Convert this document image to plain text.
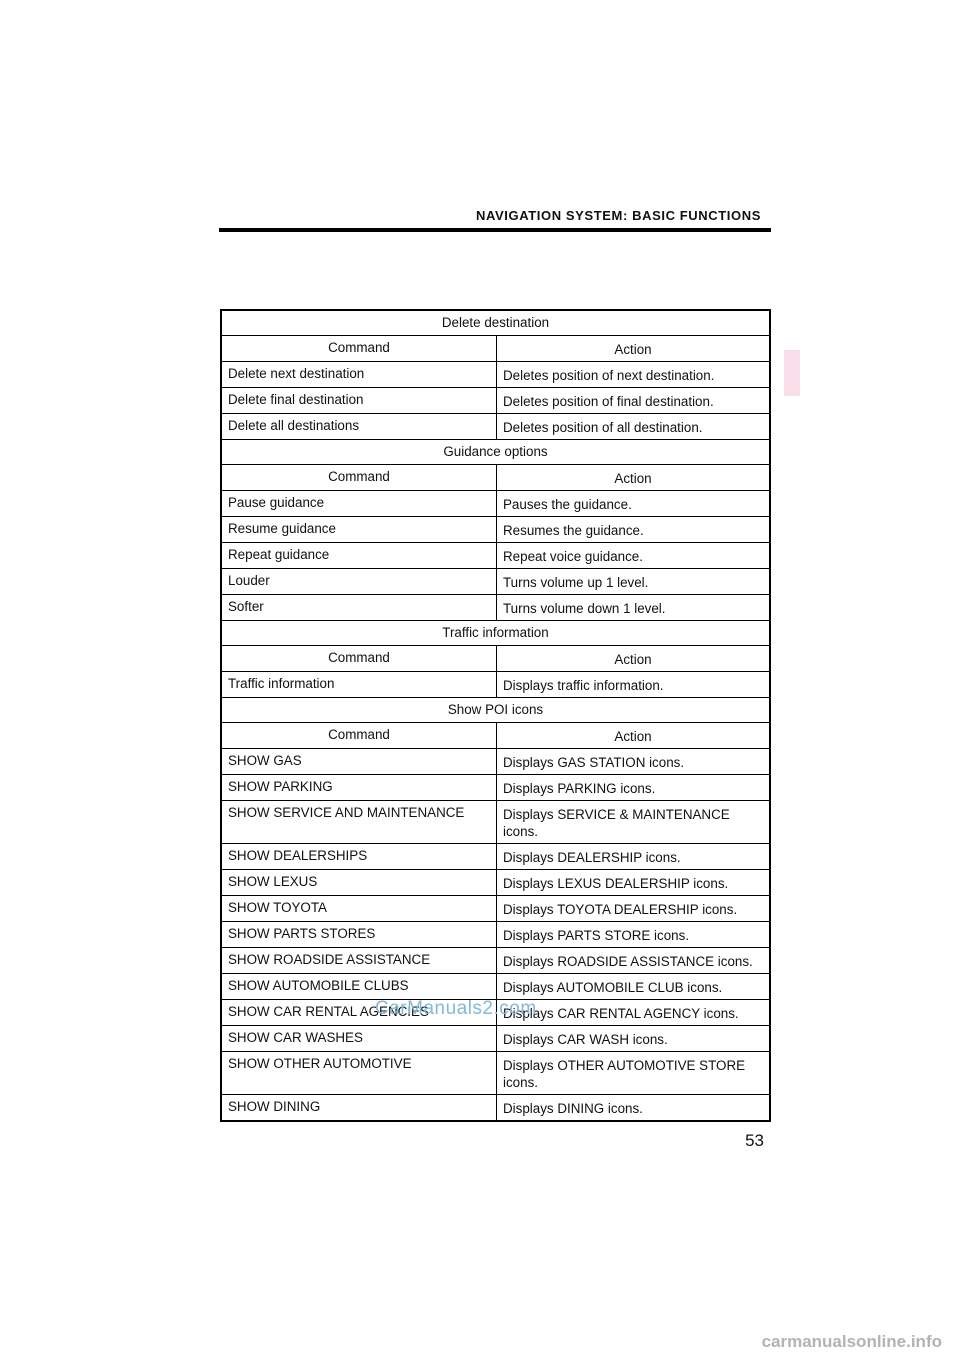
NAVIGATION SYSTEM: BASIC FUNCTIONS
Delete destination	
Command	Action
Delete next destination	Deletes position of next destination.
Delete final destination	Deletes position of final destination.
Delete all destinations	Deletes position of all destination.
Guidance options	
Command	Action
Pause guidance	Pauses the guidance.
Resume guidance	Resumes the guidance.
Repeat guidance	Repeat voice guidance.
Louder	Turns volume up 1 level.
Softer	Turns volume down 1 level.
Traffic information	
Command	Action
Traffic information	Displays traffic information.
Show POI icons	
Command	Action
SHOW GAS	Displays GAS STATION icons.
SHOW PARKING	Displays PARKING icons.
SHOW SERVICE AND MAINTENANCE	Displays SERVICE & MAINTENANCE icons.
SHOW DEALERSHIPS	Displays DEALERSHIP icons.
SHOW LEXUS	Displays LEXUS DEALERSHIP icons.
SHOW TOYOTA	Displays TOYOTA DEALERSHIP icons.
SHOW PARTS STORES	Displays PARTS STORE icons.
SHOW ROADSIDE ASSISTANCE	Displays ROADSIDE ASSISTANCE icons.
SHOW AUTOMOBILE CLUBS	Displays AUTOMOBILE CLUB icons.
SHOW CAR RENTAL AGENCIES	Displays CAR RENTAL AGENCY icons.
SHOW CAR WASHES	Displays CAR WASH icons.
SHOW OTHER AUTOMOTIVE	Displays OTHER AUTOMOTIVE STORE icons.
SHOW DINING	Displays DINING icons.
53
CarManuals2.com
carmanualsonline.info
